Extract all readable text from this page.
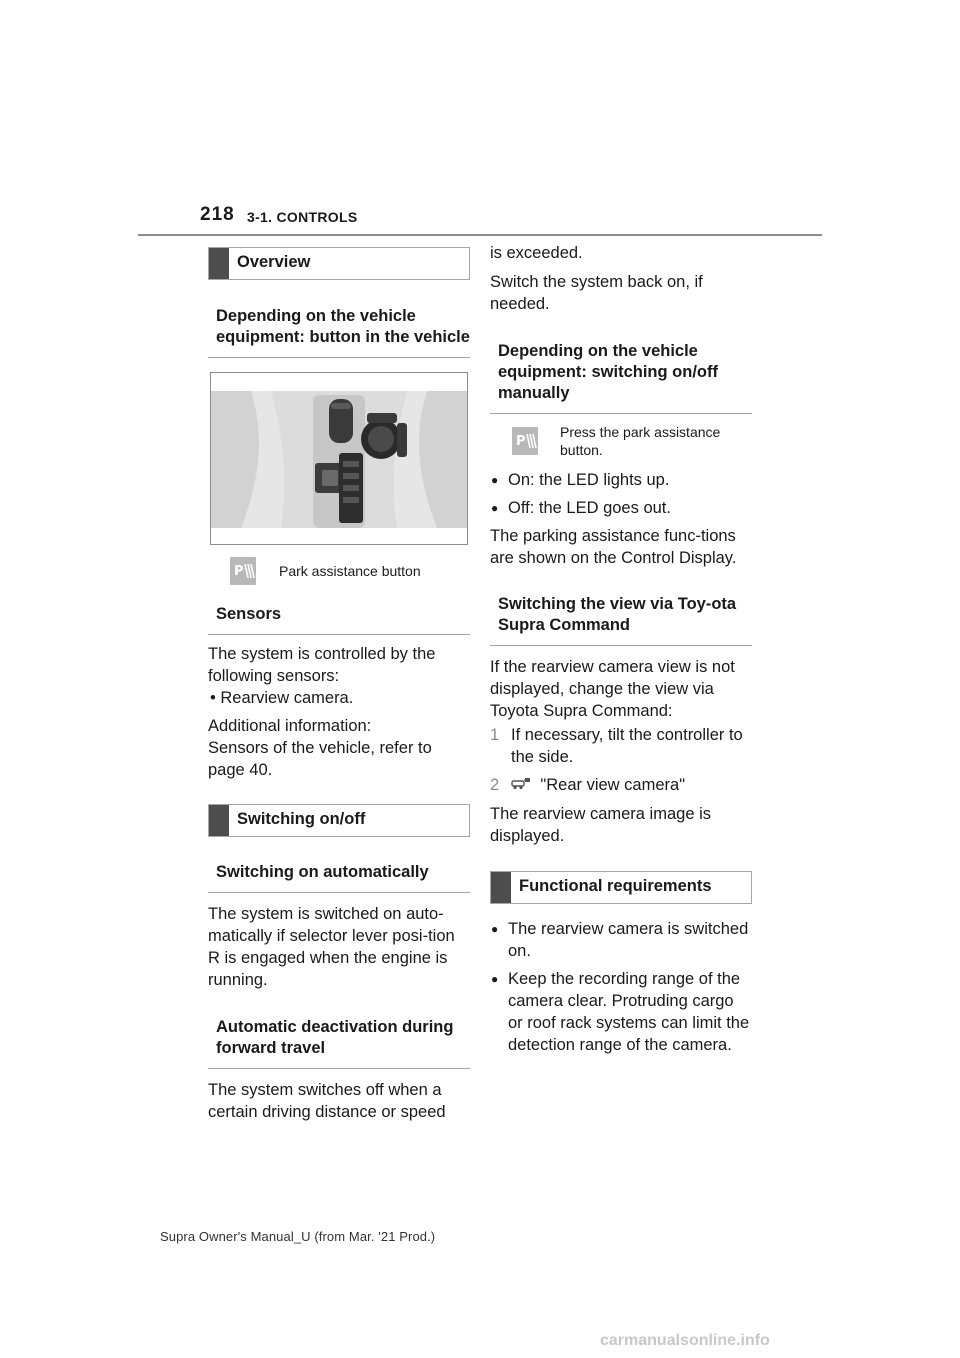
218 3-1. CONTROLS
Overview
Depending on the vehicle equipment: button in the vehicle
P	Park assistance button
Sensors

The system is controlled by the following sensors:

• Rearview camera.

Additional information:

Sensors of the vehicle, refer to page 40.

Switching on/off
Switching on automatically

The system is switched on auto-matically if selector lever posi-tion R is engaged when the engine is running.

Automatic deactivation during forward travel

The system switches off when a certain driving distance or speed

is exceeded.

Switch the system back on, if needed.

Depending on the vehicle equipment: switching on/off manually
P
Press the park assistance button.
● On: the LED lights up.
● Off: the LED goes out.

The parking assistance func-tions are shown on the Control Display.

Switching the view via Toy-ota Supra Command

If the rearview camera view is not displayed, change the view via Toyota Supra Command:

1 If necessary, tilt the controller to the side.
2 "Rear view camera"

The rearview camera image is displayed.

Functional requirements
● The rearview camera is switched on.
● Keep the recording range of the camera clear. Protruding cargo or roof rack systems can limit the detection range of the camera.
Supra Owner's Manual_U (from Mar. '21 Prod.)
carmanualsonline.info
